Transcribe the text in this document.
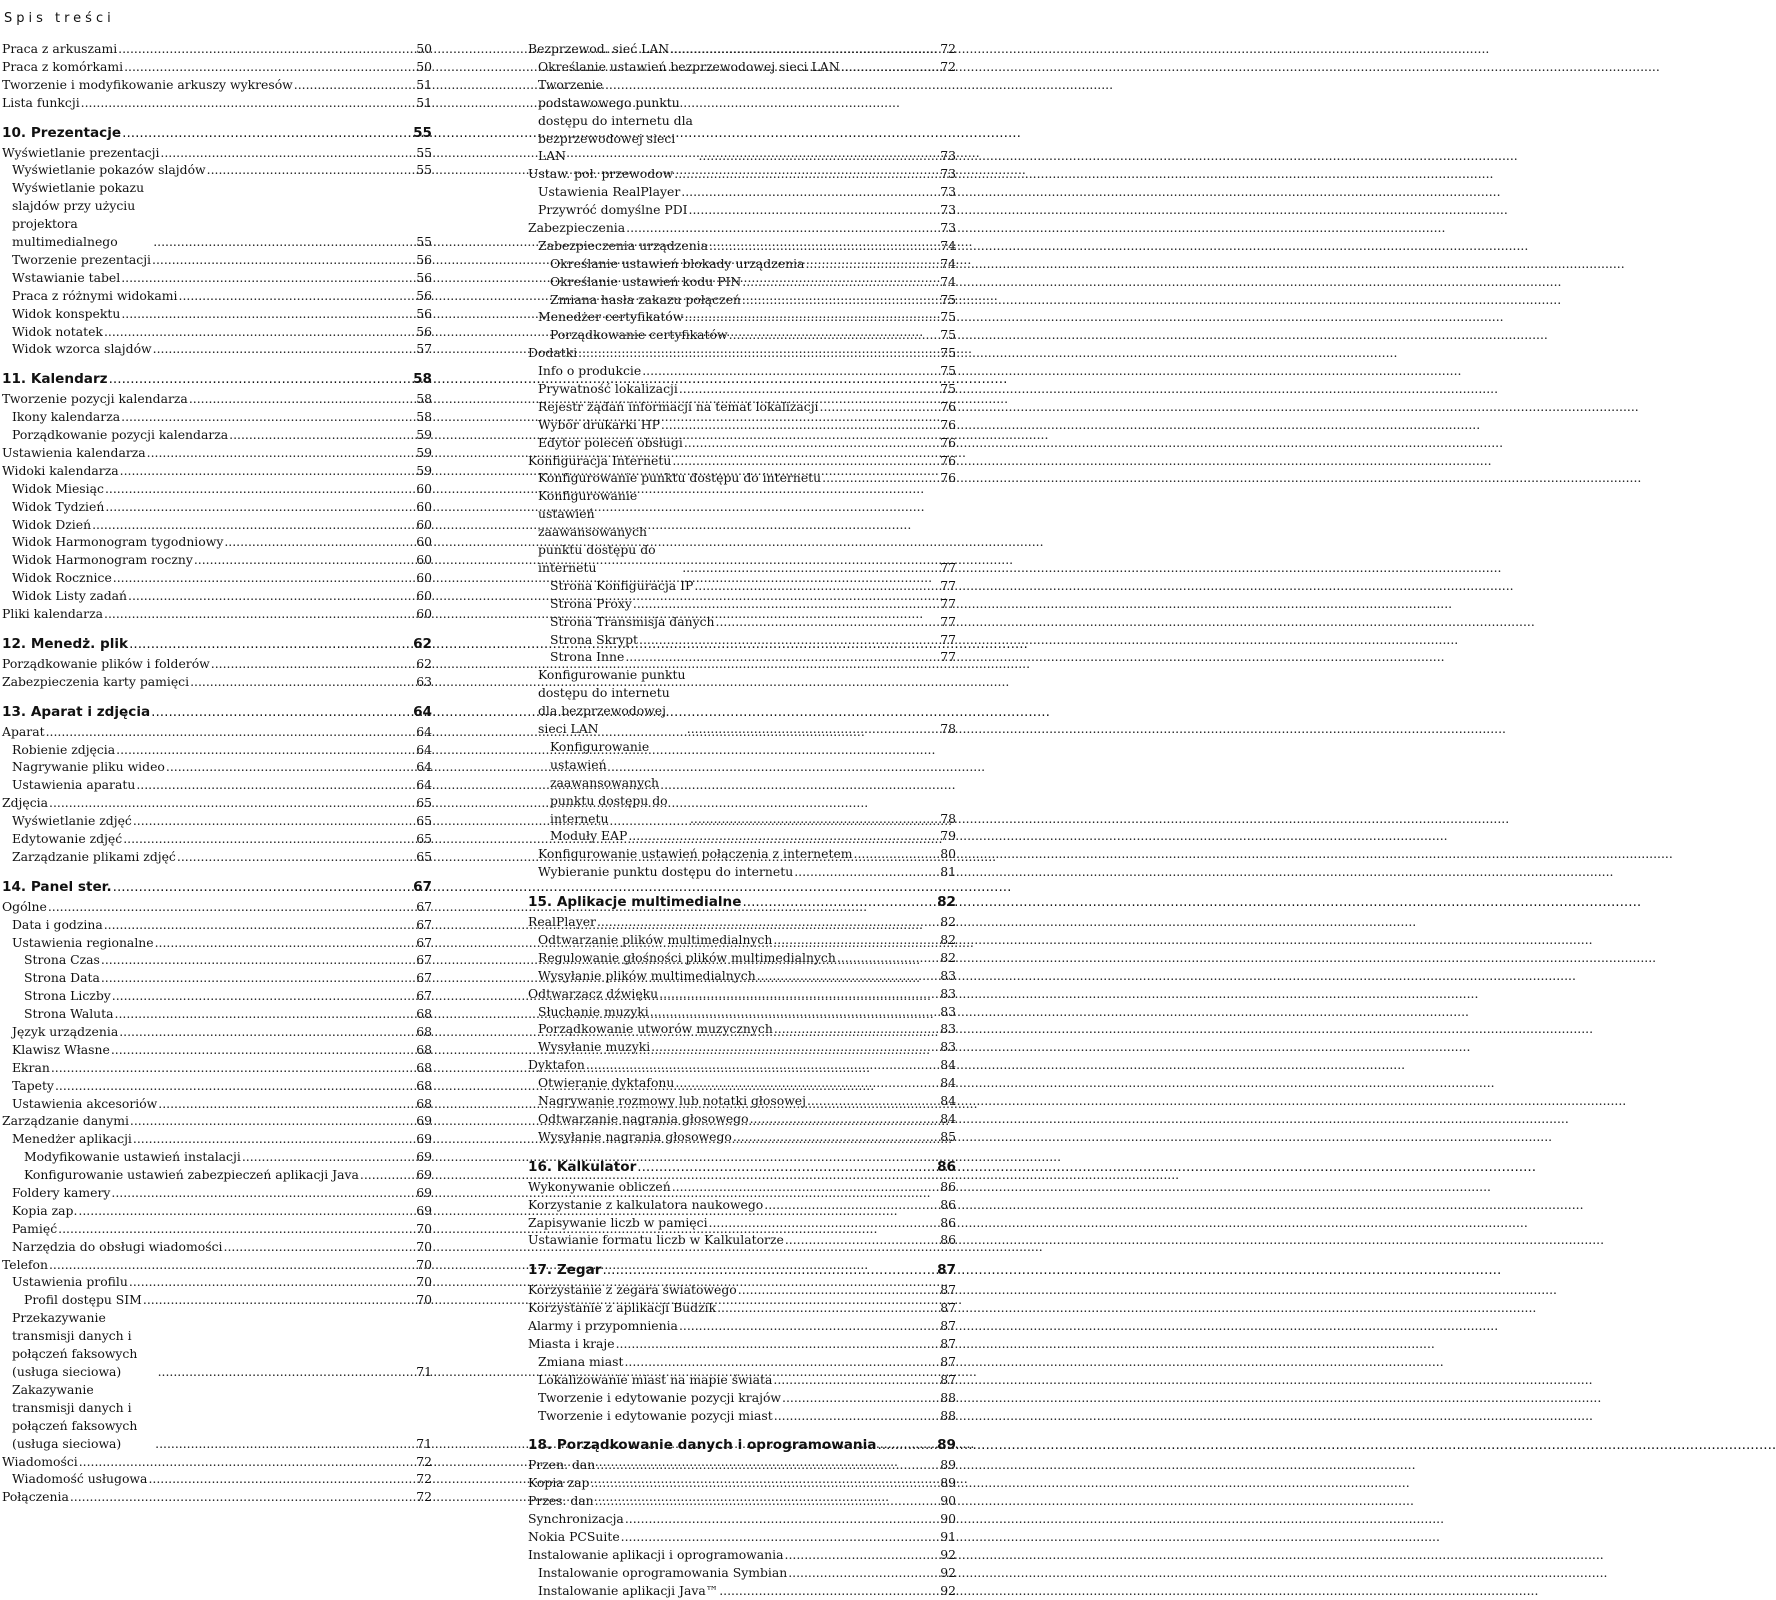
Spis treści
Praca z arkuszami .....	50
Praca z komórkami .....	50
Tworzenie i modyfikowanie arkuszy wykresów .....	51
Lista funkcji .....	51
10. Prezentacje .....	55
Wyświetlanie prezentacji .....	55
Wyświetlanie pokazów slajdów .....	55
Wyświetlanie pokazu slajdów przy użyciu projektora multimedialnego .....	55
Tworzenie prezentacji .....	56
Wstawianie tabel .....	56
Praca z różnymi widokami .....	56
Widok konspektu .....	56
Widok notatek .....	56
Widok wzorca slajdów .....	57
11. Kalendarz .....	58
Tworzenie pozycji kalendarza .....	58
Ikony kalendarza .....	58
Porządkowanie pozycji kalendarza .....	59
Ustawienia kalendarza .....	59
Widoki kalendarza .....	59
Widok Miesiąc .....	60
Widok Tydzień .....	60
Widok Dzień .....	60
Widok Harmonogram tygodniowy .....	60
Widok Harmonogram roczny .....	60
Widok Rocznice .....	60
Widok Listy zadań .....	60
Pliki kalendarza .....	60
12. Menedż. plik .....	62
Porządkowanie plików i folderów .....	62
Zabezpieczenia karty pamięci .....	63
13. Aparat i zdjęcia .....	64
Aparat .....	64
Robienie zdjęcia .....	64
Nagrywanie pliku wideo .....	64
Ustawienia aparatu .....	64
Zdjęcia .....	65
Wyświetlanie zdjęć .....	65
Edytowanie zdjęć .....	65
Zarządzanie plikami zdjęć .....	65
14. Panel ster. .....	67
Ogólne .....	67
Data i godzina .....	67
Ustawienia regionalne .....	67
Strona Czas .....	67
Strona Data .....	67
Strona Liczby .....	67
Strona Waluta .....	68
Język urządzenia .....	68
Klawisz Własne .....	68
Ekran .....	68
Tapety .....	68
Ustawienia akcesoriów .....	68
Zarządzanie danymi .....	69
Menedżer aplikacji .....	69
Modyfikowanie ustawień instalacji .....	69
Konfigurowanie ustawień zabezpieczeń aplikacji Java .....	69
Foldery kamery .....	69
Kopia zap. .....	69
Pamięć .....	70
Narzędzia do obsługi wiadomości .....	70
Telefon .....	70
Ustawienia profilu .....	70
Profil dostępu SIM .....	70
Przekazywanie transmisji danych i połączeń faksowych (usługa sieciowa) .....	71
Zakazywanie transmisji danych i połączeń faksowych (usługa sieciowa) .....	71
Wiadomości .....	72
Wiadomość usługowa .....	72
Połączenia .....	72
Bezprzewod. sieć LAN .....	72
Określanie ustawień bezprzewodowej sieci LAN .....	72
Tworzenie podstawowego punktu dostępu do internetu dla bezprzewodowej sieci LAN .....	73
Ustaw. poł. przewodow .....	73
Ustawienia RealPlayer .....	73
Przywróć domyślne PDI .....	73
Zabezpieczenia .....	73
Zabezpieczenia urządzenia .....	74
Określanie ustawień blokady urządzenia .....	74
Określanie ustawień kodu PIN .....	74
Zmiana hasła zakazu połączeń .....	75
Menedżer certyfikatów .....	75
Porządkowanie certyfikatów .....	75
Dodatki .....	75
Info o produkcie .....	75
Prywatność lokalizacji .....	75
Rejestr żądań informacji na temat lokalizacji .....	76
Wybór drukarki HP .....	76
Edytor poleceń obsługi .....	76
Konfiguracja Internetu .....	76
Konfigurowanie punktu dostępu do internetu .....	76
Konfigurowanie ustawień zaawansowanych punktu dostępu do internetu .....	77
Strona Konfiguracja IP .....	77
Strona Proxy .....	77
Strona Transmisja danych .....	77
Strona Skrypt .....	77
Strona Inne .....	77
Konfigurowanie punktu dostępu do internetu dla bezprzewodowej sieci LAN .....	78
Konfigurowanie ustawień zaawansowanych punktu dostępu do internetu .....	78
Moduły EAP .....	79
Konfigurowanie ustawień połączenia z internetem .....	80
Wybieranie punktu dostępu do internetu .....	81
15. Aplikacje multimedialne .....	82
RealPlayer .....	82
Odtwarzanie plików multimedialnych .....	82
Regulowanie głośności plików multimedialnych .....	82
Wysyłanie plików multimedialnych .....	83
Odtwarzacz dźwięku .....	83
Słuchanie muzyki .....	83
Porządkowanie utworów muzycznych .....	83
Wysyłanie muzyki .....	83
Dyktafon .....	84
Otwieranie dyktafonu .....	84
Nagrywanie rozmowy lub notatki głosowej .....	84
Odtwarzanie nagrania głosowego .....	84
Wysyłanie nagrania głosowego .....	85
16. Kalkulator .....	86
Wykonywanie obliczeń .....	86
Korzystanie z kalkulatora naukowego .....	86
Zapisywanie liczb w pamięci .....	86
Ustawianie formatu liczb w Kalkulatorze .....	86
17. Zegar .....	87
Korzystanie z zegara światowego .....	87
Korzystanie z aplikacji Budzik .....	87
Alarmy i przypomnienia .....	87
Miasta i kraje .....	87
Zmiana miast .....	87
Lokalizowanie miast na mapie świata .....	87
Tworzenie i edytowanie pozycji krajów .....	88
Tworzenie i edytowanie pozycji miast .....	88
18. Porządkowanie danych i oprogramowania .....	89
Przen. dan .....	89
Kopia zap .....	89
Przes. dan .....	90
Synchronizacja .....	90
Nokia PCSuite .....	91
Instalowanie aplikacji i oprogramowania .....	92
Instalowanie oprogramowania Symbian .....	92
Instalowanie aplikacji Java™ .....	92
